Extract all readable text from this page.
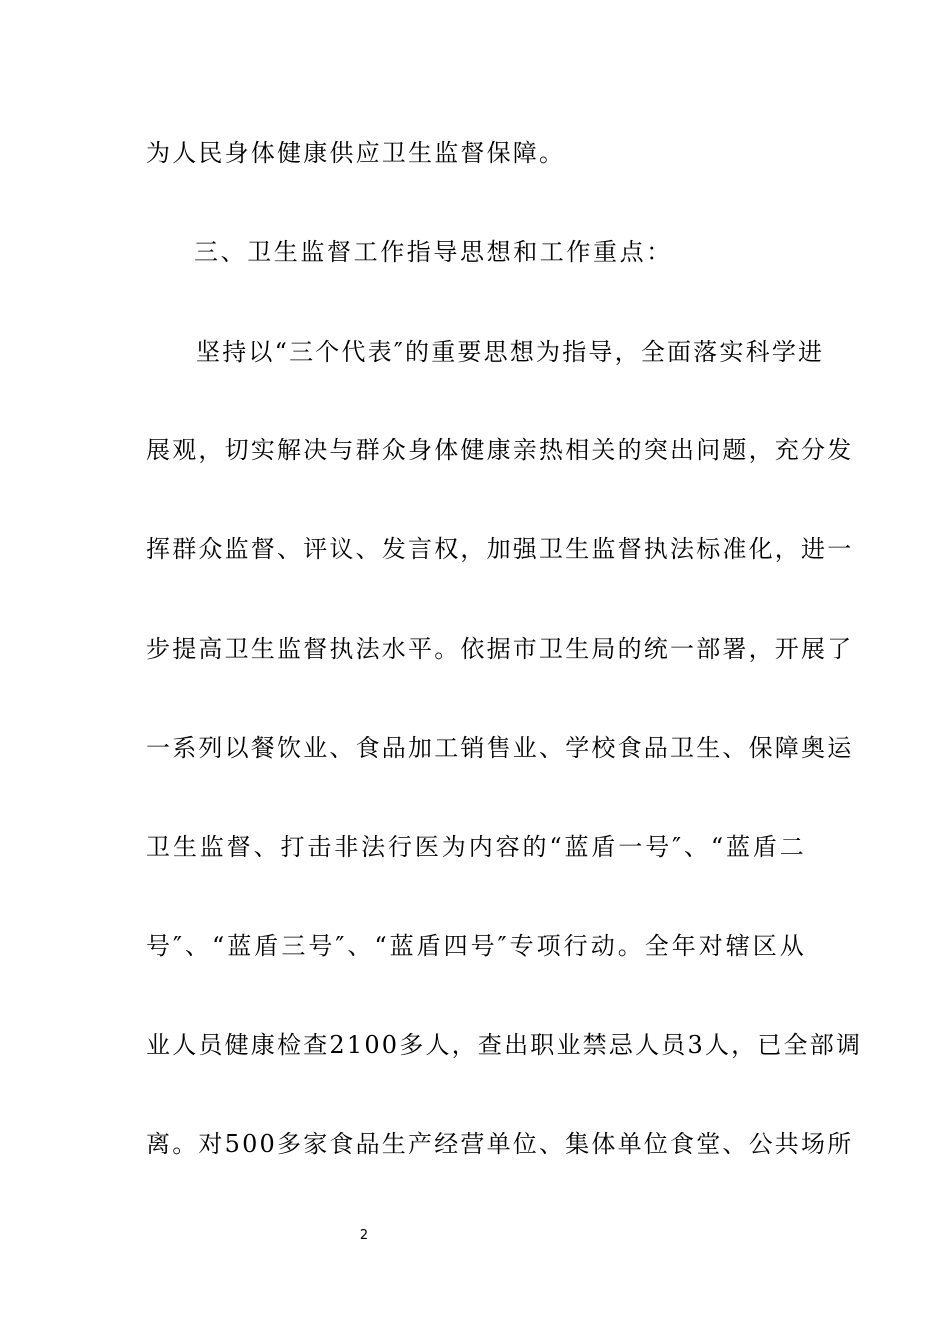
为人民身体健康供应卫生监督保障。
三、卫生监督工作指导思想和工作重点：
坚持以“三个代表″的重要思想为指导，全面落实科学进
展观，切实解决与群众身体健康亲热相关的突出问题，充分发
挥群众监督、评议、发言权，加强卫生监督执法标准化，进一
步提高卫生监督执法水平。依据市卫生局的统一部署，开展了
一系列以餐饮业、食品加工销售业、学校食品卫生、保障奥运
卫生监督、打击非法行医为内容的“蓝盾一号″、“蓝盾二
号″、“蓝盾三号″、“蓝盾四号″专项行动。全年对辖区从
业人员健康检查2100多人，查出职业禁忌人员3人，已全部调
离。对500多家食品生产经营单位、集体单位食堂、公共场所
2
